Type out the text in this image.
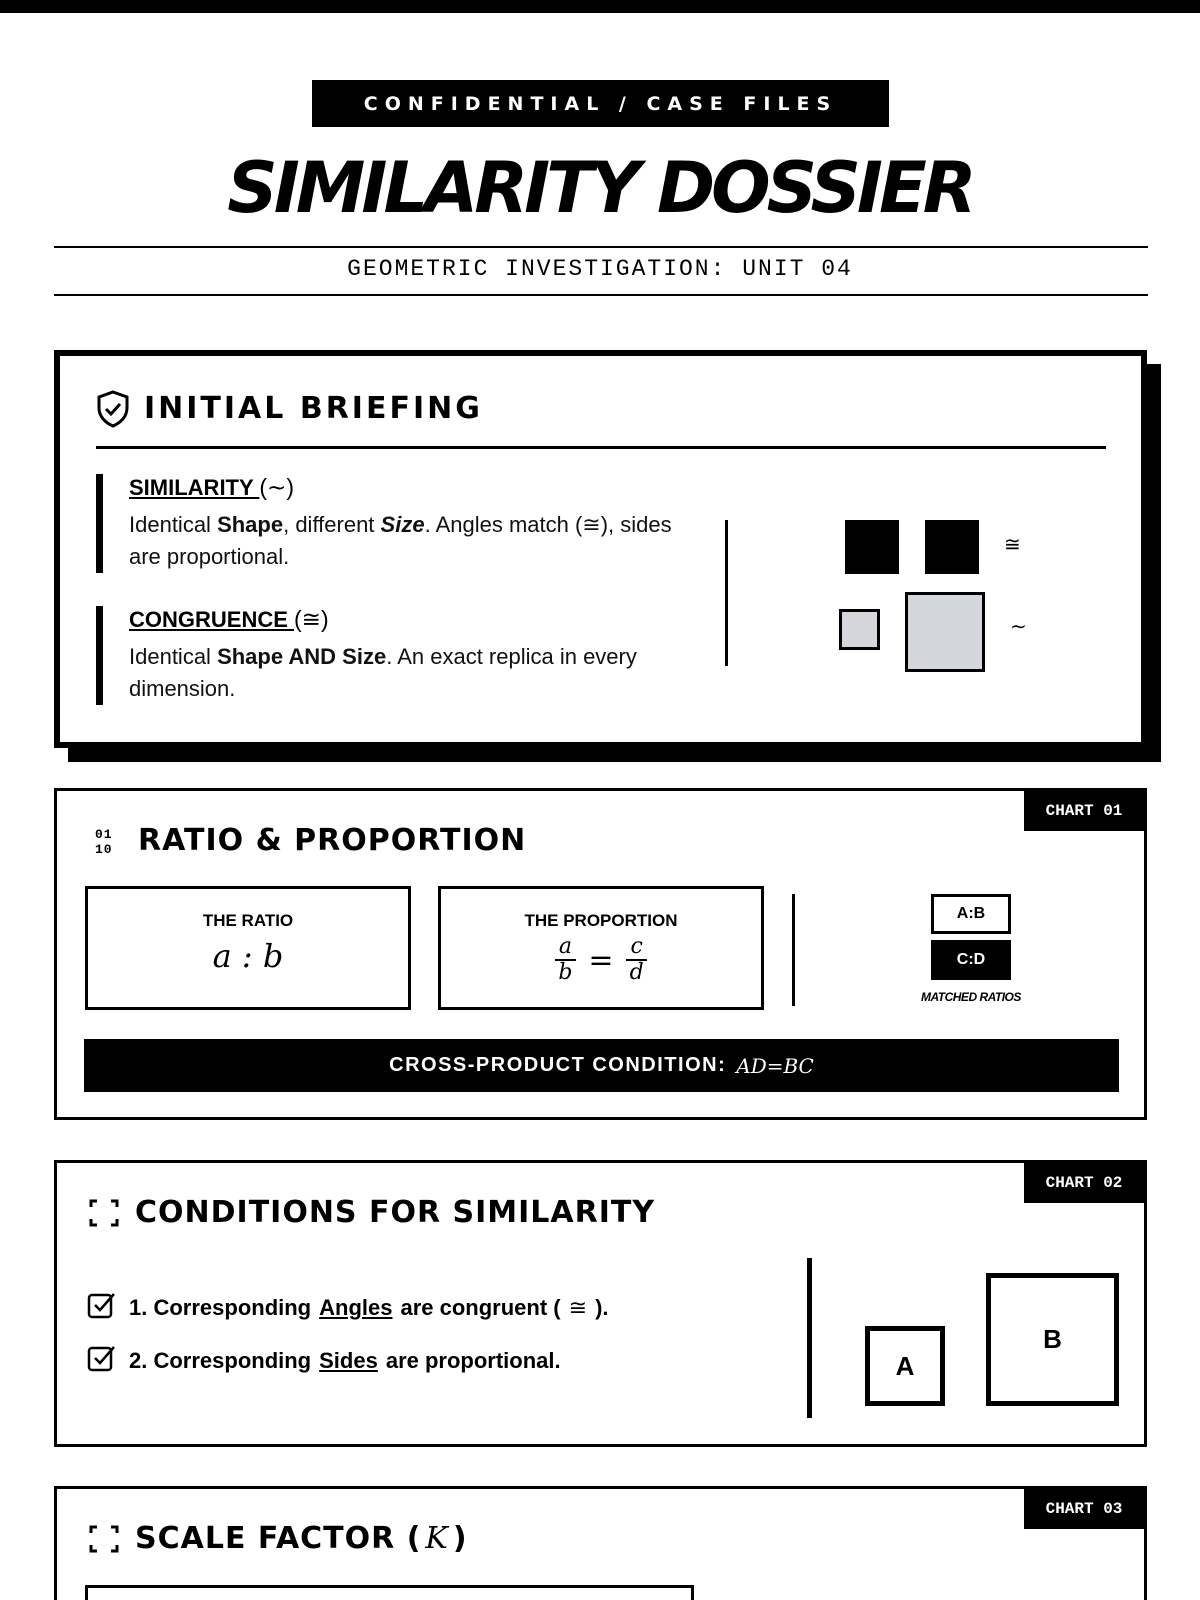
CONFIDENTIAL / CASE FILES
SIMILARITY DOSSIER
GEOMETRIC INVESTIGATION: UNIT 04
INITIAL BRIEFING
SIMILARITY (∼)

Identical Shape, different Size. Angles match (≅), sides are proportional.

CONGRUENCE (≅)

Identical Shape AND Size. An exact replica in every dimension.

≅
∼
CHART 01
01
10 RATIO & PROPORTION
THE RATIO
a : b
THE PROPORTION
$\frac{a}{b} = \frac{c}{d}$
A:B
C:D
MATCHED RATIOS
CROSS-PRODUCT CONDITION: AD=BC
CHART 02
CONDITIONS FOR SIMILARITY
1. Corresponding Angles are congruent ( ≅ ).
2. Corresponding Sides are proportional.	A
B
CHART 03
SCALE FACTOR ( K )
